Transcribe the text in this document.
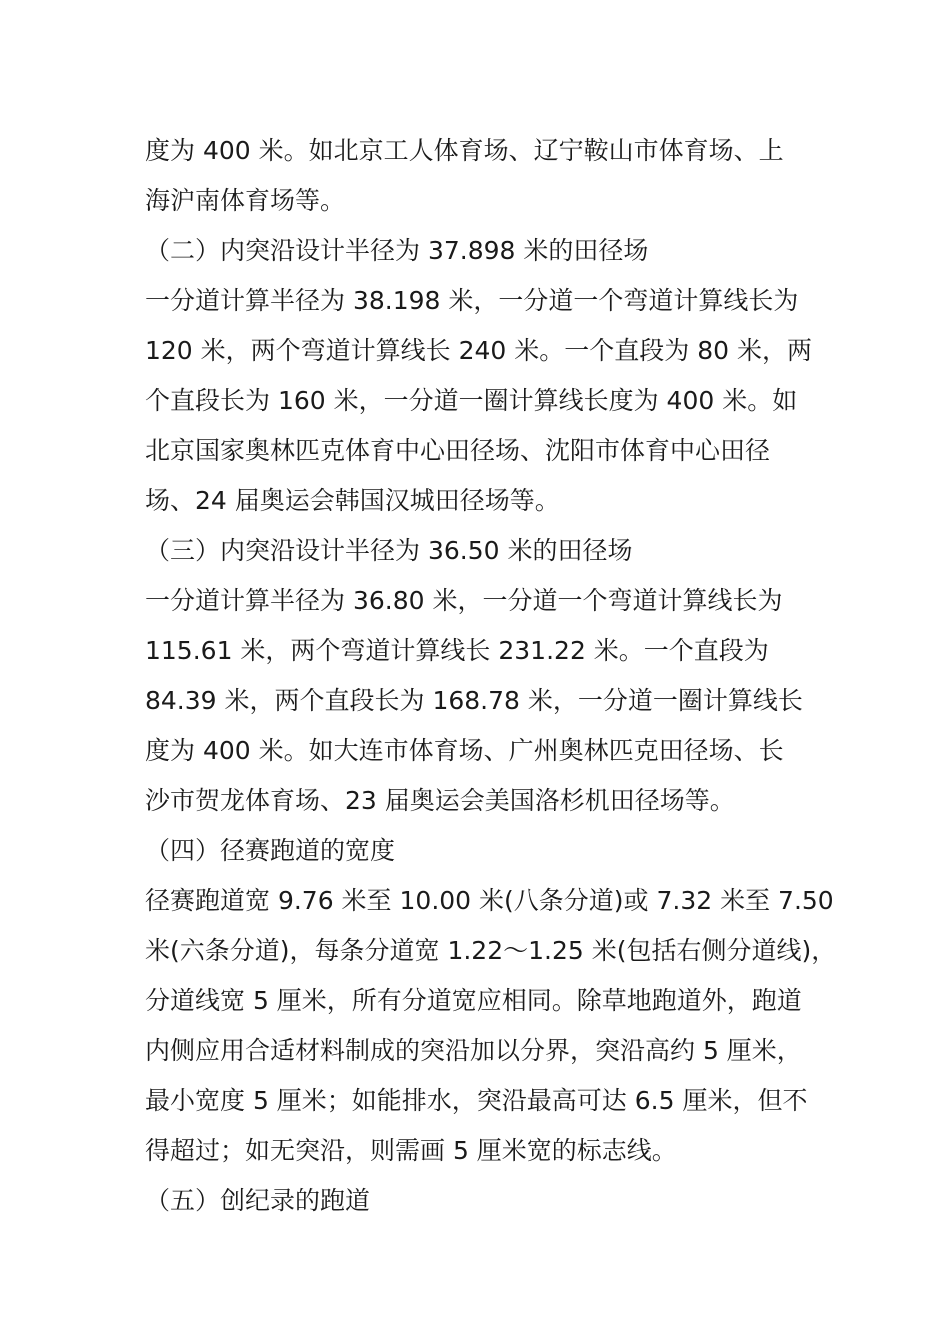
度为 400 米。如北京工人体育场、辽宁鞍山市体育场、上
海沪南体育场等。
（二）内突沿设计半径为 37.898 米的田径场
一分道计算半径为 38.198 米，一分道一个弯道计算线长为
120 米，两个弯道计算线长 240 米。一个直段为 80 米，两
个直段长为 160 米，一分道一圈计算线长度为 400 米。如
北京国家奥林匹克体育中心田径场、沈阳市体育中心田径
场、24 届奥运会韩国汉城田径场等。
（三）内突沿设计半径为 36.50 米的田径场
一分道计算半径为 36.80 米，一分道一个弯道计算线长为
115.61 米，两个弯道计算线长 231.22 米。一个直段为
84.39 米，两个直段长为 168.78 米，一分道一圈计算线长
度为 400 米。如大连市体育场、广州奥林匹克田径场、长
沙市贺龙体育场、23 届奥运会美国洛杉机田径场等。
（四）径赛跑道的宽度
径赛跑道宽 9.76 米至 10.00 米(八条分道)或 7.32 米至 7.50
米(六条分道)，每条分道宽 1.22～1.25 米(包括右侧分道线)，
分道线宽 5 厘米，所有分道宽应相同。除草地跑道外，跑道
内侧应用合适材料制成的突沿加以分界，突沿高约 5 厘米，
最小宽度 5 厘米；如能排水，突沿最高可达 6.5 厘米，但不
得超过；如无突沿，则需画 5 厘米宽的标志线。
（五）创纪录的跑道
